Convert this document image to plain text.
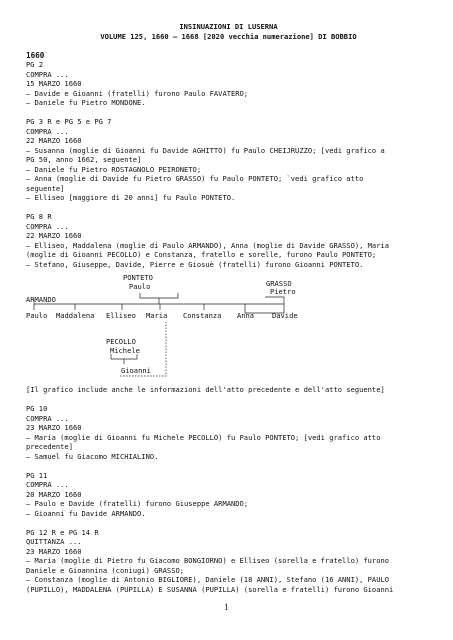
INSINUAZIONI DI LUSERNA
VOLUME 125, 1660 – 1668 [2020 vecchia numerazione] DI BOBBIO
1660
PG 2
COMPRA ...
15 MARZO 1660
– Davide e Gioanni (fratelli) furono Paulo FAVATERO;
– Daniele fu Pietro MONDONE.
PG 3 R e PG 5 e PG 7
COMPRA ...
22 MARZO 1660
– Susanna (moglie di Gioanni fu Davide AGHITTO) fu Paulo CHEIJRUZZO; [vedi grafico a
PG 50, anno 1662, seguente]
– Daniele fu Pietro ROSTAGNOLO PEIRONETO;
– Anna (moglie di Davide fu Pietro GRASSO) fu Paulo PONTETO; `vedi grafico atto
seguente]
– Elliseo [maggiore di 20 anni] fu Paulo PONTETO.
PG 8 R
COMPRA ...
22 MARZO 1660
– Elliseo, Maddalena (moglie di Paulo ARMANDO), Anna (moglie di Davide GRASSO), Maria
(moglie di Gioanni PECOLLO) e Constanza, fratello e sorelle, furono Paulo PONTETO;
– Stefano, Giuseppe, Davide, Pierre e Giosuè (fratelli) furono Gioanni PONTETO.
PONTETO
Paulo	GRASSO
Pietro
ARMANDO
Paulo Maddalena Elliseo Maria Constanza Anna	Davide
PECOLLO
Michele
Gioanni
[Il grafico include anche le informazioni dell'atto precedente e dell'atto seguente]
PG 10
COMPRA ...
23 MARZO 1660
– Maria (moglie di Gioanni fu Michele PECOLLO) fu Paulo PONTETO; [vedi grafico atto
precedente]
– Samuel fu Giacomo MICHIALINO.
PG 11
COMPRA ...
20 MARZO 1660
– Paulo e Davide (fratelli) furono Giuseppe ARMANDO;
– Gioanni fu Davide ARMANDO.
PG 12 R e PG 14 R
QUITTANZA ...
23 MARZO 1660
– Maria (moglie di Pietro fu Giacomo BONGIORNO) e Elliseo (sorella e fratello) furono
Daniele e Gioannina (coniugi) GRASSO;
– Constanza (moglie di Antonio BIGLIORE), Daniele (18 ANNI), Stefano (16 ANNI), PAULO
(PUPILLO), MADDALENA (PUPILLA) E SUSANNA (PUPILLA) (sorella e fratelli) furono Gioanni
1
